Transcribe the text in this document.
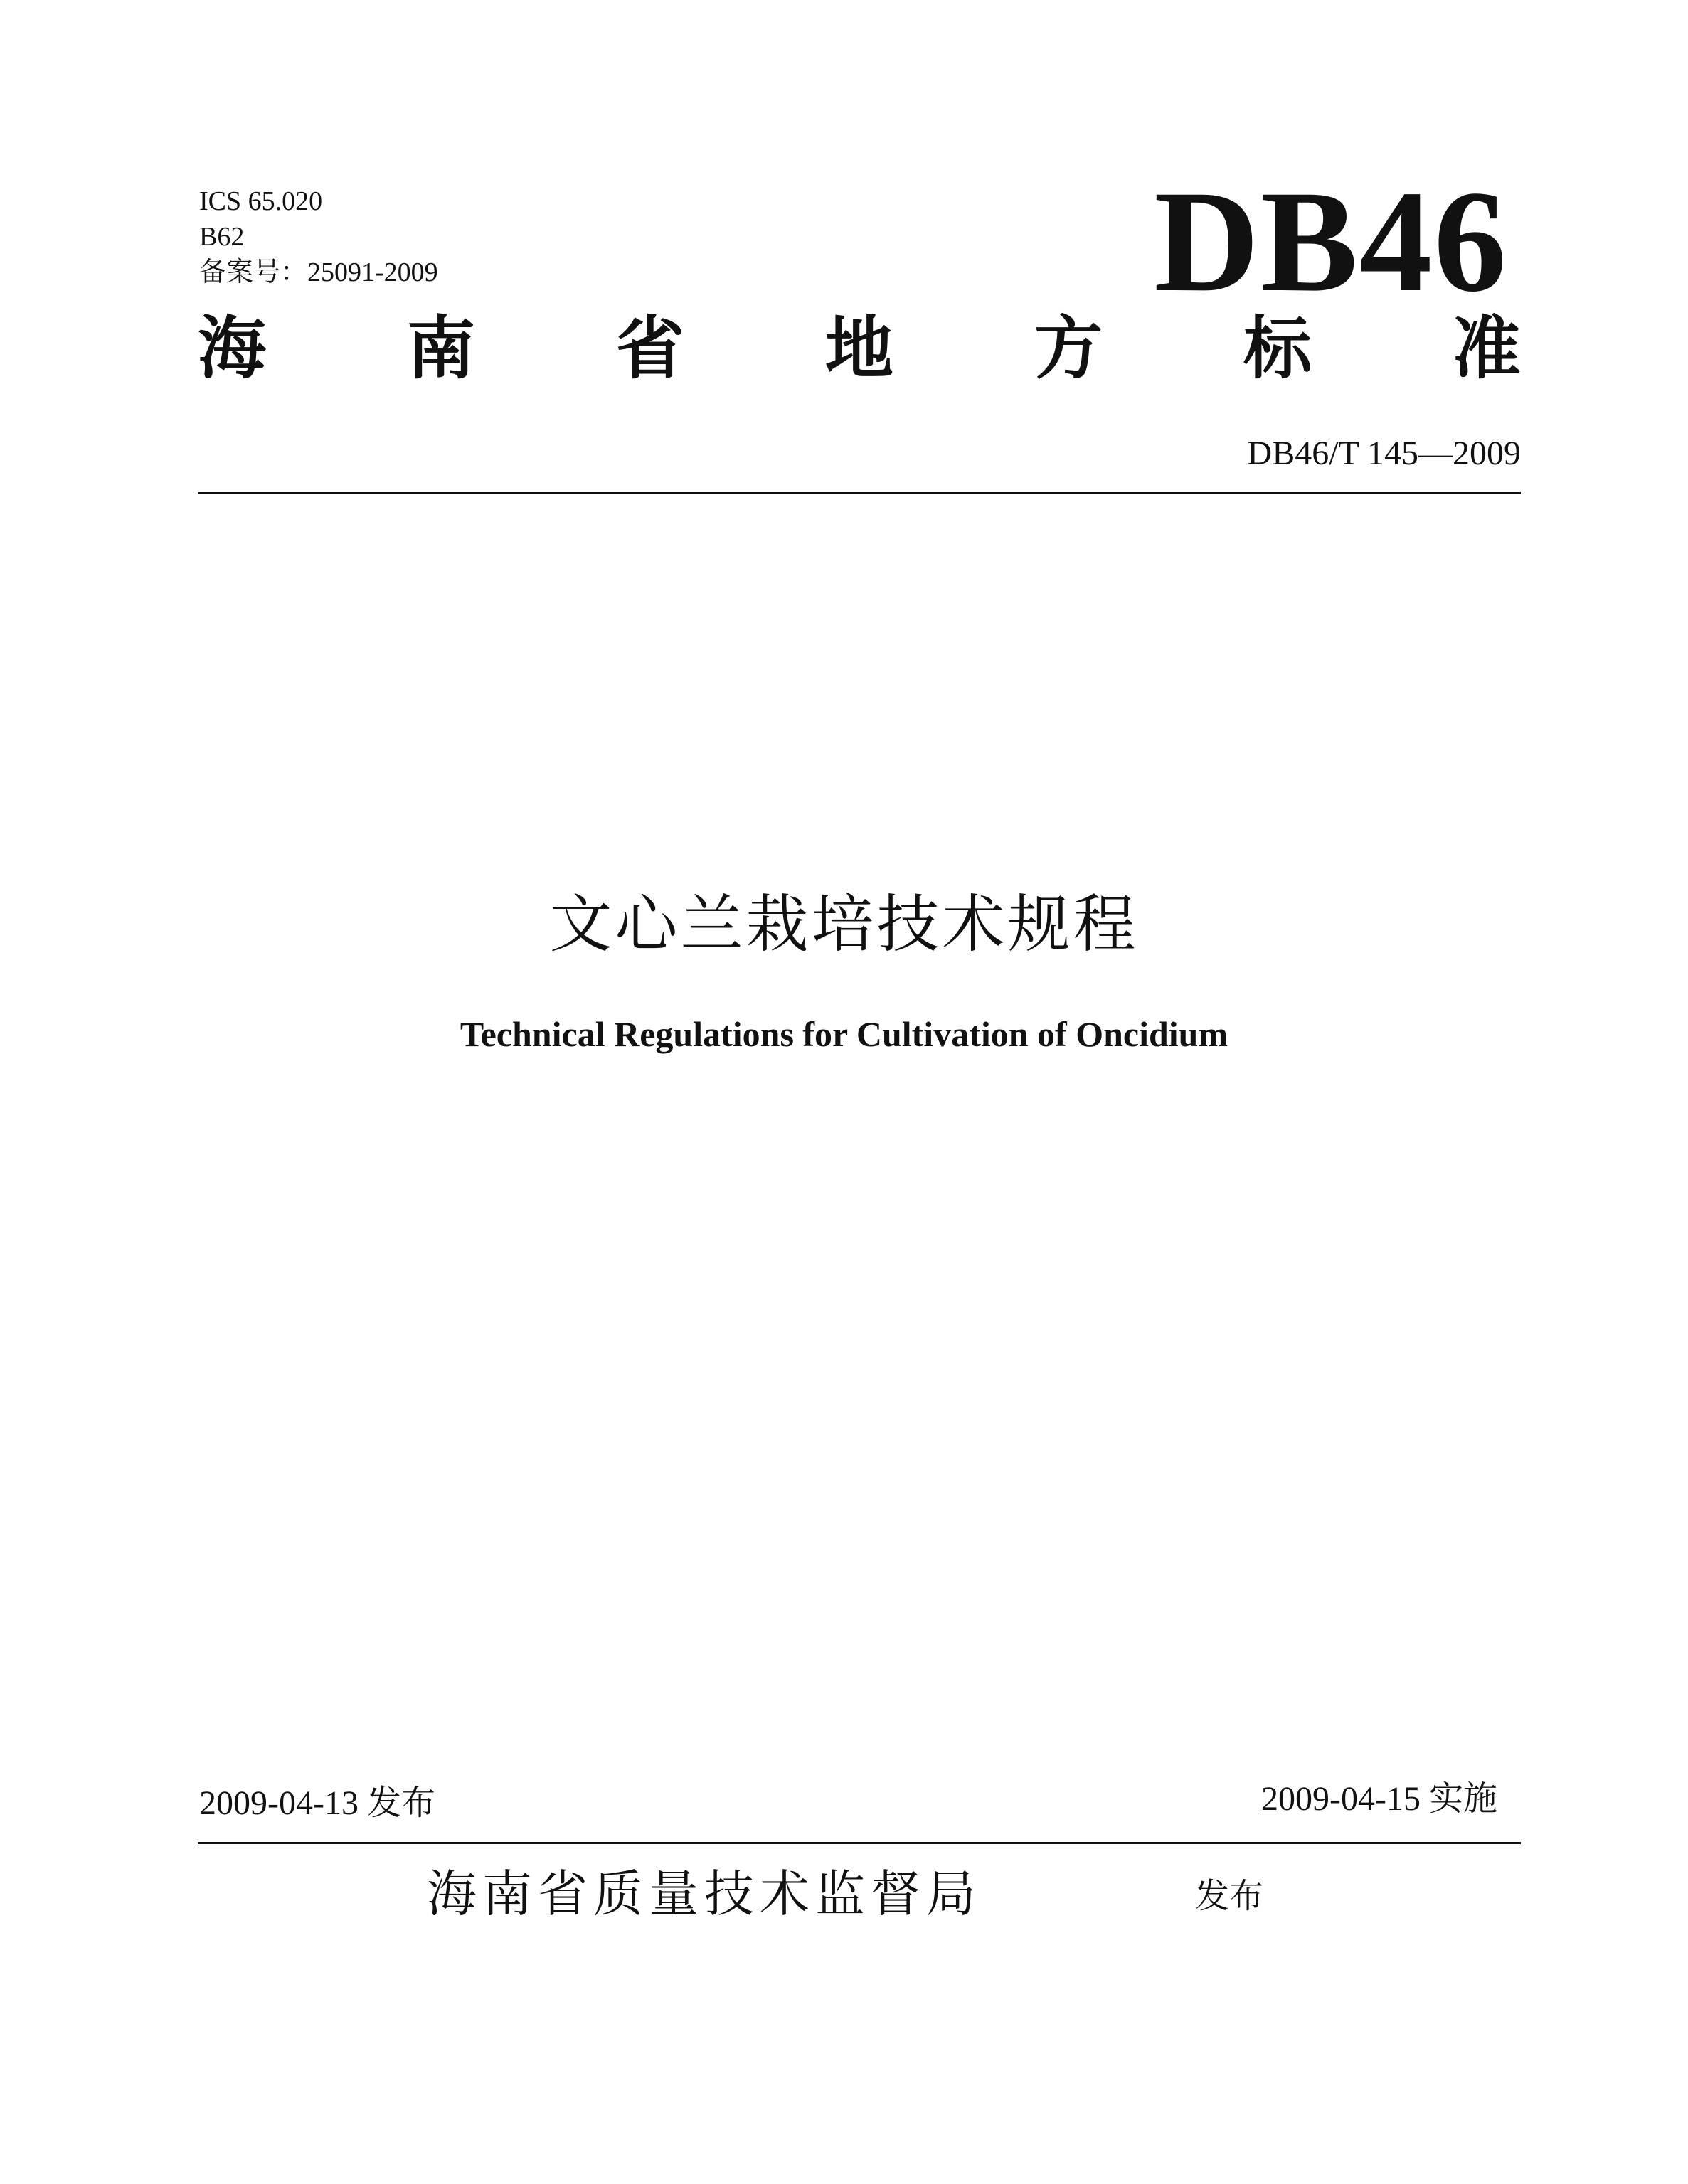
ICS 65.020
B62
备案号：25091-2009	DB46
海 南 省 地 方 标 准
DB46/T 145—2009
文心兰栽培技术规程
Technical Regulations for Cultivation of Oncidium
2009-04-13 发布	2009-04-15 实施
海南省质量技术监督局	发布
